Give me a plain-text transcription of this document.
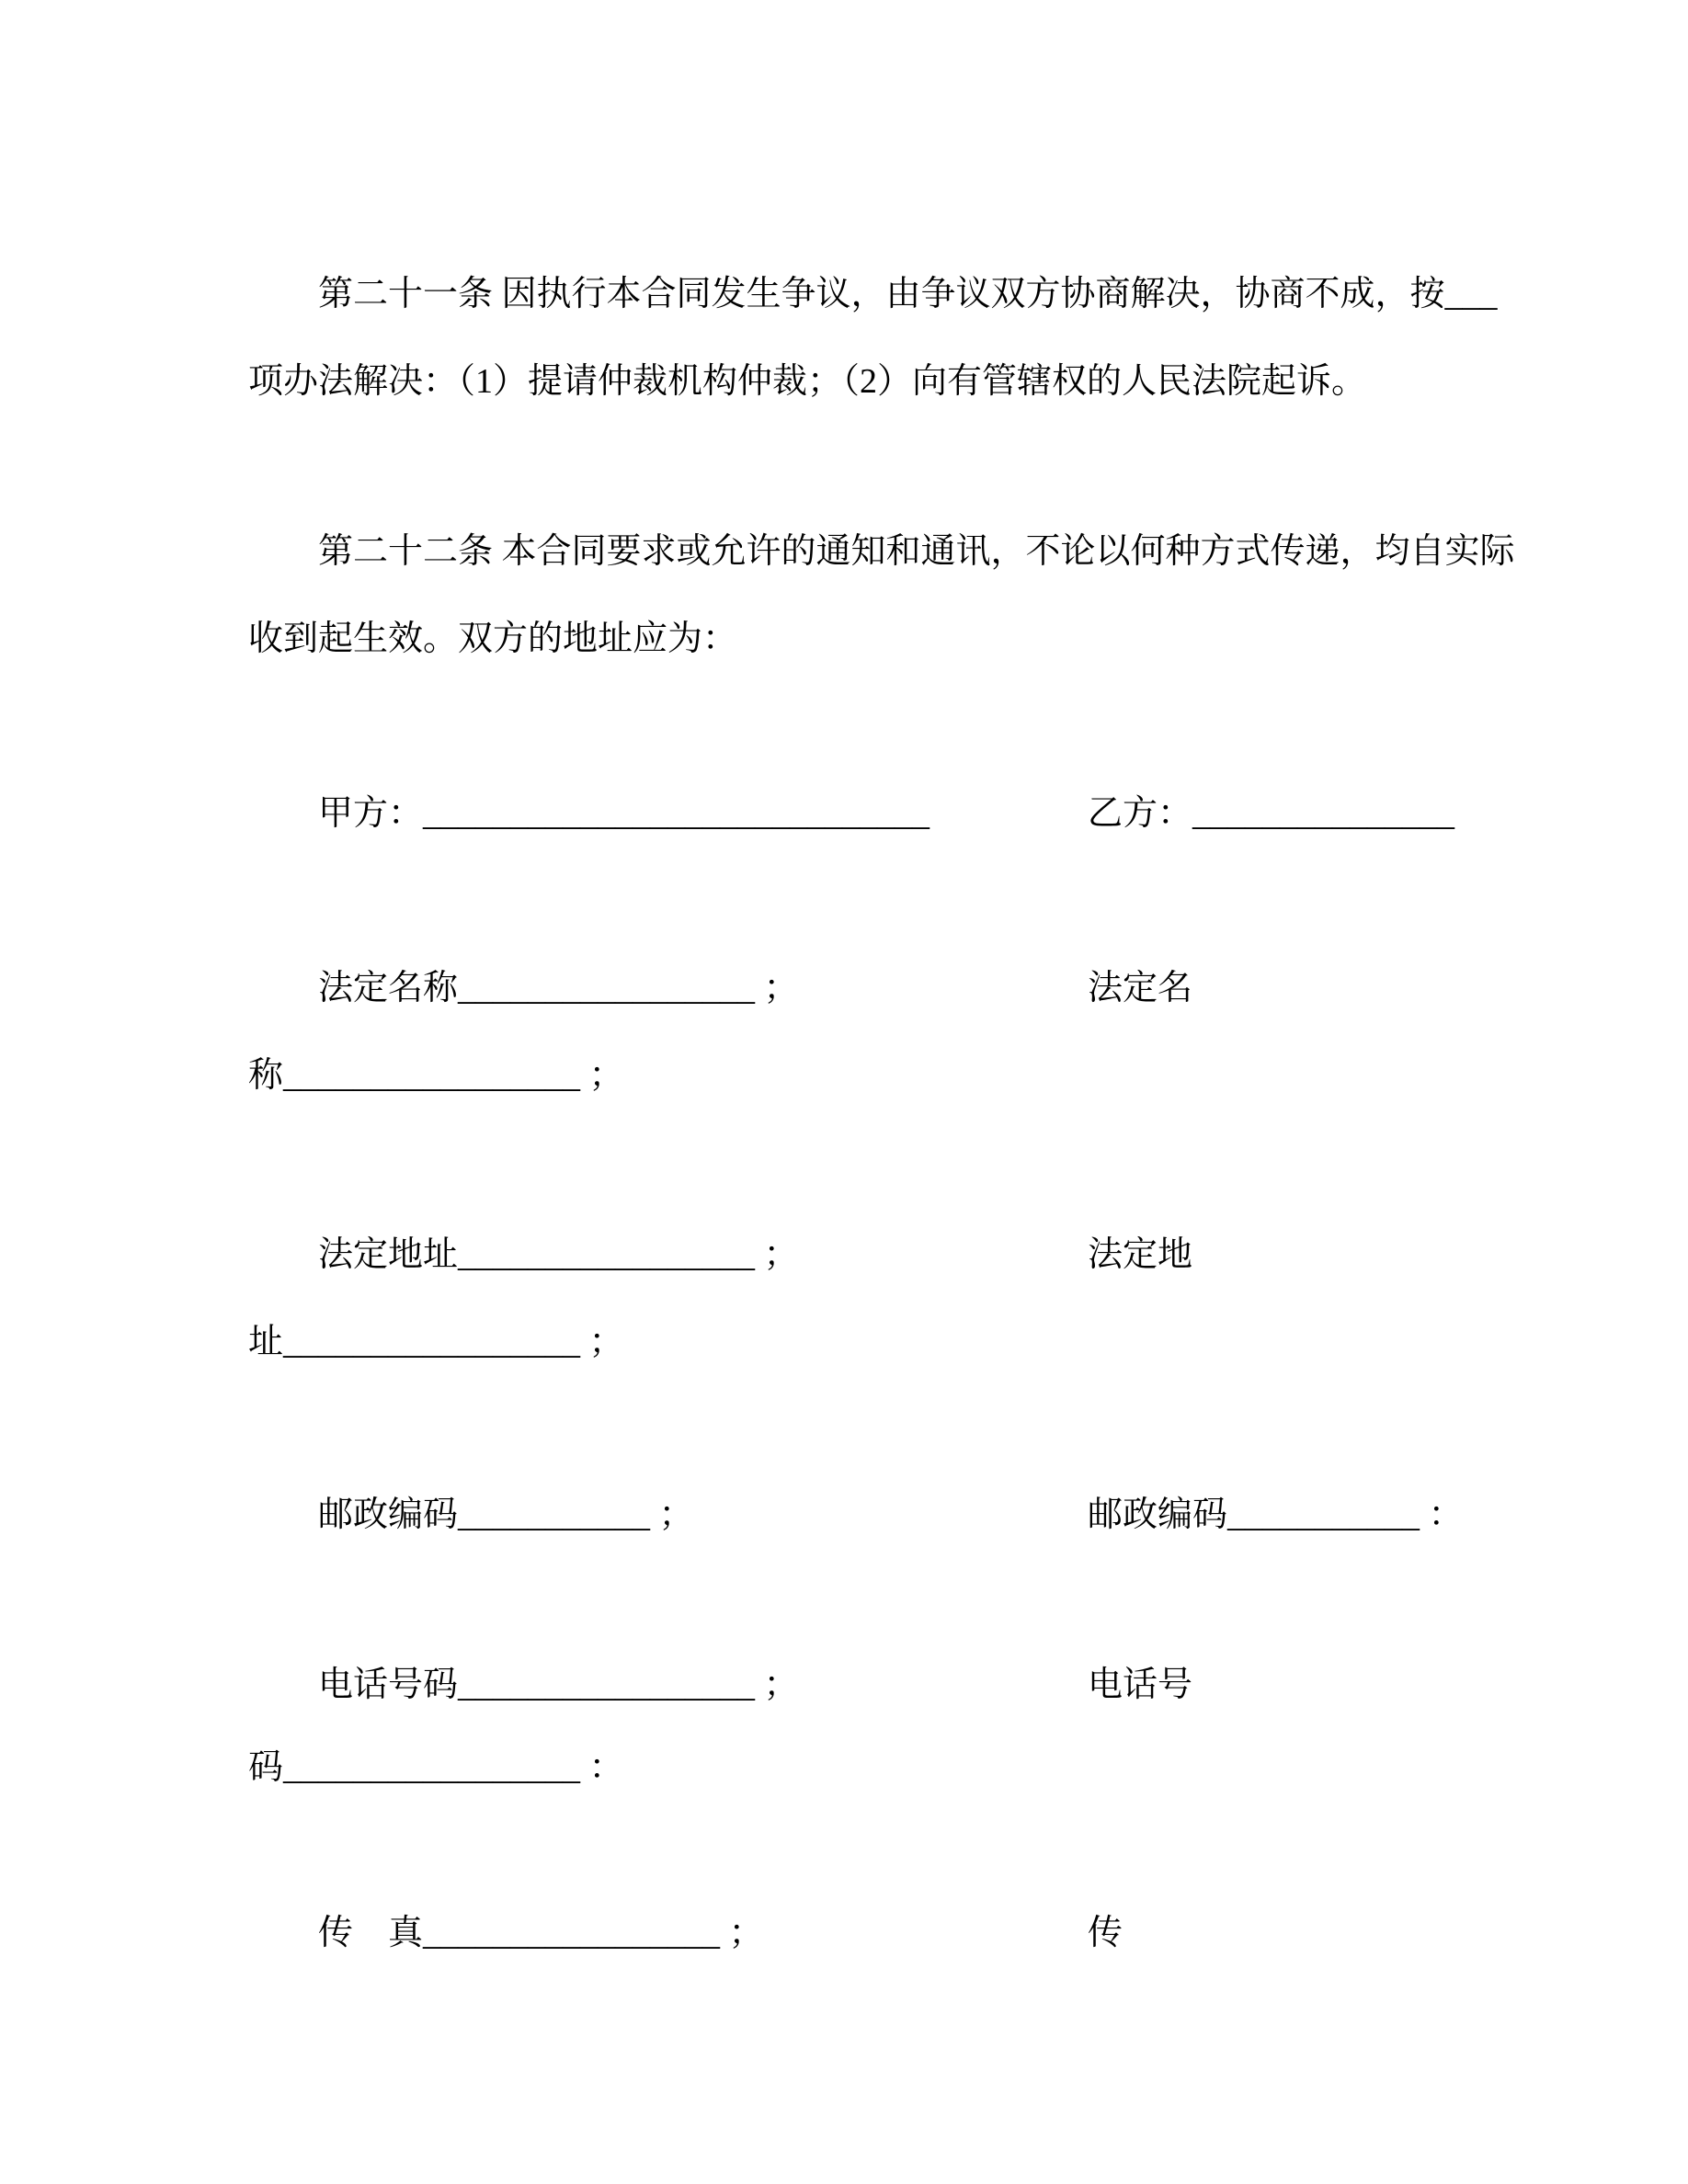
第二十一条 因执行本合同发生争议，由争议双方协商解决，协商不成，按___
项办法解决：（1）提请仲裁机构仲裁；（2）向有管辖权的人民法院起诉。
第二十二条 本合同要求或允许的通知和通讯，不论以何种方式传递，均自实际
收到起生效。双方的地址应为：
甲方：_____________________________	乙方：_______________
法定名称_________________ ；	法定名
称_________________ ；
法定地址_________________ ；	法定地
址_________________ ；
邮政编码___________ ；	邮政编码___________ ：
电话号码_________________ ；	电话号
码_________________ ：
传　真_________________ ；	传
